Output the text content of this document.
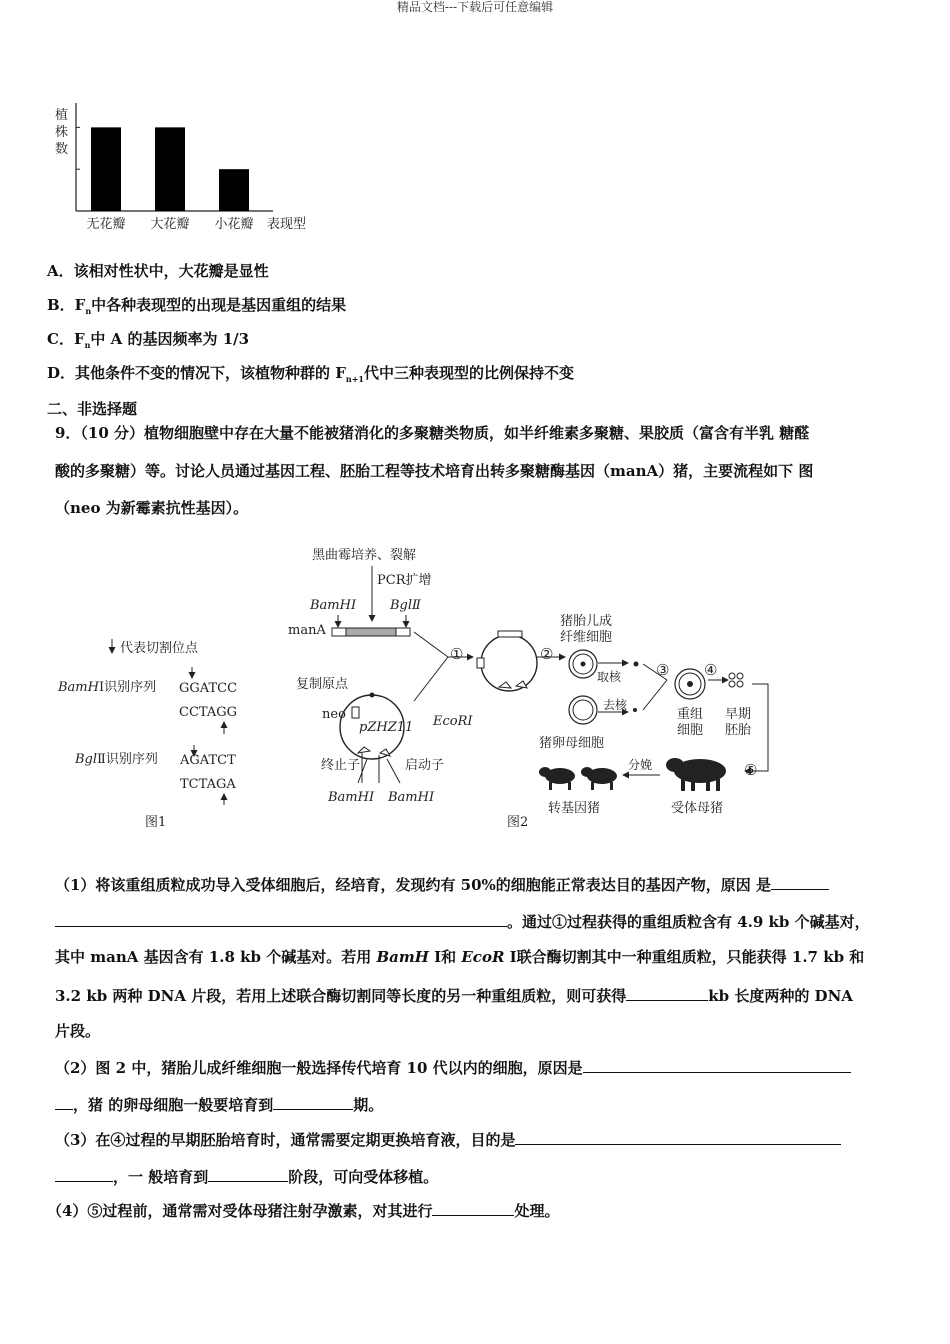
精品文档---下载后可任意编辑
植
株
数
无花瓣 大花瓣 小花瓣 表现型
A．该相对性状中，大花瓣是显性
B．$F_n$中各种表现型的出现是基因重组的结果
C．$F_n$中 A 的基因频率为 1/3
D．其他条件不变的情况下，该植物种群的 $F_{n+1}$代中三种表现型的比例保持不变
二、非选择题
9．（10 分）植物细胞壁中存在大量不能被猪消化的多聚糖类物质，如半纤维素多聚糖、果胶质（富含有半乳 糖醛
酸的多聚糖）等。讨论人员通过基因工程、胚胎工程等技术培育出转多聚糖酶基因（manA）猪，主要流程如下 图
（neo 为新霉素抗性基因）。
代表切割位点
BamHⅠ识别序列 GGATCC
CCTAGG
BglⅡ识别序列 AGATCT
TCTAGA
图1
黑曲霉培养、裂解
PCR扩增
BamHⅠ	BglⅡ
manA
①
复制原点
neo
pZHZ11 EcoRⅠ
终止子	启动子
BamHⅠ BamHⅠ
②
猪胎儿成
纤维细胞
取核
去核
猪卵母细胞
③
重组
细胞
④
早期
胚胎
⑤
受体母猪
分娩
转基因猪
图2
（1）将该重组质粒成功导入受体细胞后，经培育，发现约有 50%的细胞能正常表达目的基因产物，原因 是
。通过①过程获得的重组质粒含有 4.9 kb 个碱基对，
其中 manA 基因含有 1.8 kb 个碱基对。若用 BamH Ⅰ和 EcoR Ⅰ联合酶切割其中一种重组质粒，只能获得 1.7 kb 和
3.2 kb 两种 DNA 片段，若用上述联合酶切割同等长度的另一种重组质粒，则可获得	kb 长度两种的 DNA
片段。
（2）图 2 中，猪胎儿成纤维细胞一般选择传代培育 10 代以内的细胞，原因是
，猪 的卵母细胞一般要培育到	期。
（3）在④过程的早期胚胎培育时，通常需要定期更换培育液，目的是
，一 般培育到	阶段，可向受体移植。
（4）⑤过程前，通常需对受体母猪注射孕激素，对其进行	处理。
